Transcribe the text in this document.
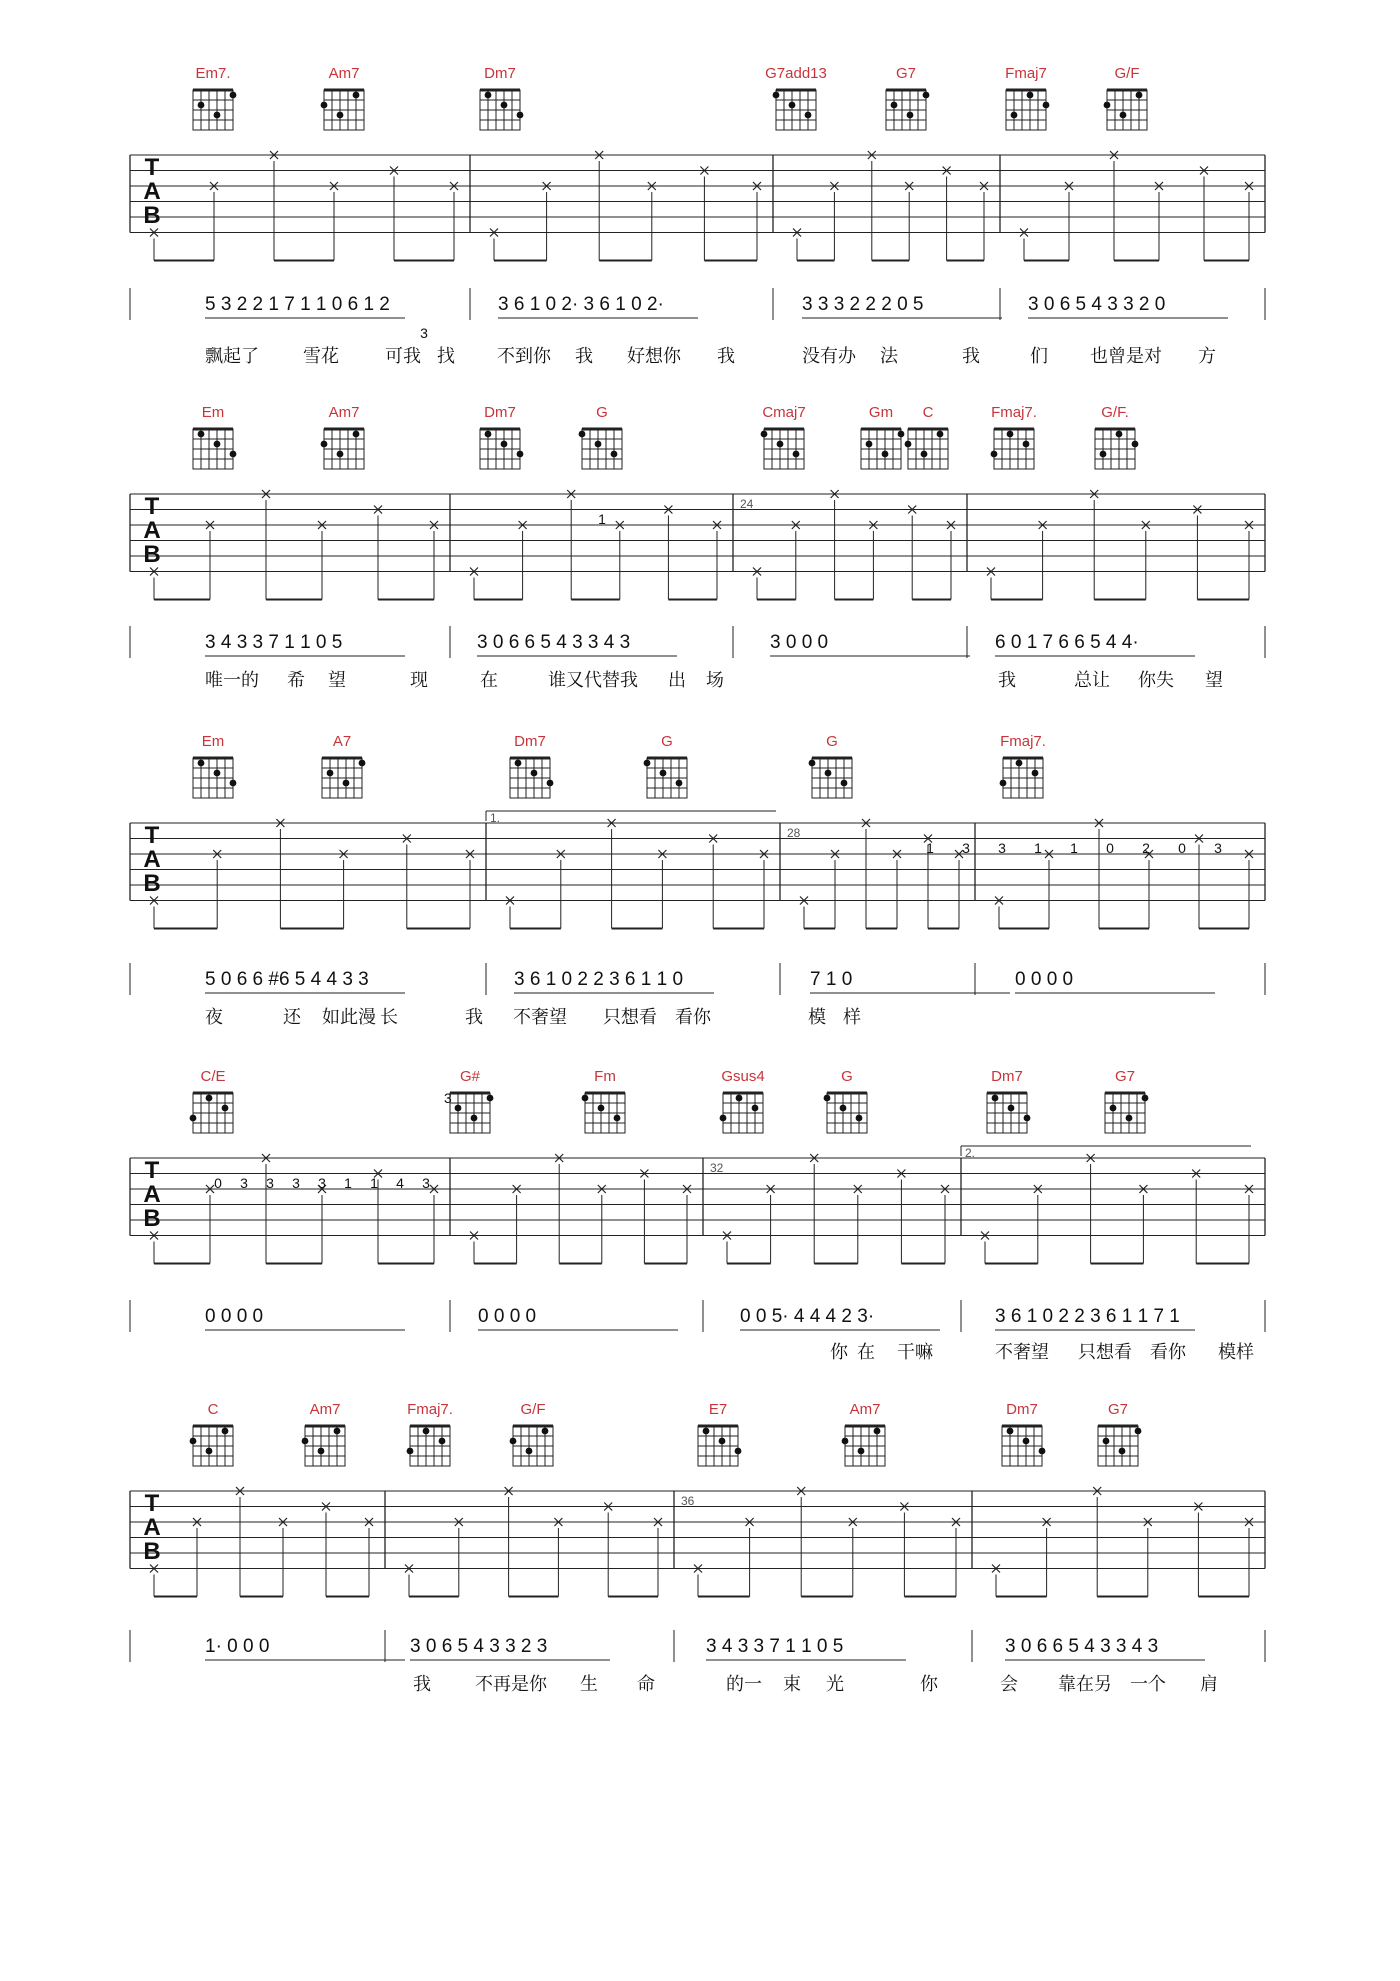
Em7.	Am7	Dm7	G7add13	G7	Fmaj7	G/F
T
A
B
5 3 2 2 1 7 1 1 0 6 1 2	3 6 1 0 2· 3 6 1 0 2·	3 3 3 2 2 2 0 5	3 0 6 5 4 3 3 2 0
3
飘起了 雪花	可我 找 不到你 我 好想你 我	没有办 法	我	们 也曾是对 方
Em	Am7	Dm7	G	Cmaj7	Gm C	Fmaj7.	G/F.
T
A
B
24
1
3 4 3 3 7 1 1 0 5	3 0 6 6 5 4 3 3 4 3	3 0 0 0	6 0 1 7 6 6 5 4 4·
唯一的 希 望	现	在	谁又代替我 出 场	我	总让 你失 望
Em	A7	Dm7	G	G	Fmaj7.
T
A
B
28
1.
1 3 3 1 1 0 2 0 3
5 0 6 6 #6 5 4 4 3 3	3 6 1 0 2 2 3 6 1 1 0	7 1 0	0 0 0 0
夜	还 如此漫 长	我 不奢望 只想看 看你	模 样
C/E	G#	Fm	Gsus4	G	Dm7	G7
T
A
B
32
2.
3
0 3 3 3 3 1 1 4 3
0 0 0 0	0 0 0 0	0 0 5· 4 4 4 2 3·	3 6 1 0 2 2 3 6 1 1 7 1
你 在 干嘛	不奢望 只想看 看你 模样
C	Am7	Fmaj7.	G/F	E7	Am7	Dm7	G7
T
A
B
36
1· 0 0 0	3 0 6 5 4 3 3 2 3	3 4 3 3 7 1 1 0 5	3 0 6 6 5 4 3 3 4 3
我 不再是你 生 命	的一 束 光	你	会 靠在另 一个 肩
